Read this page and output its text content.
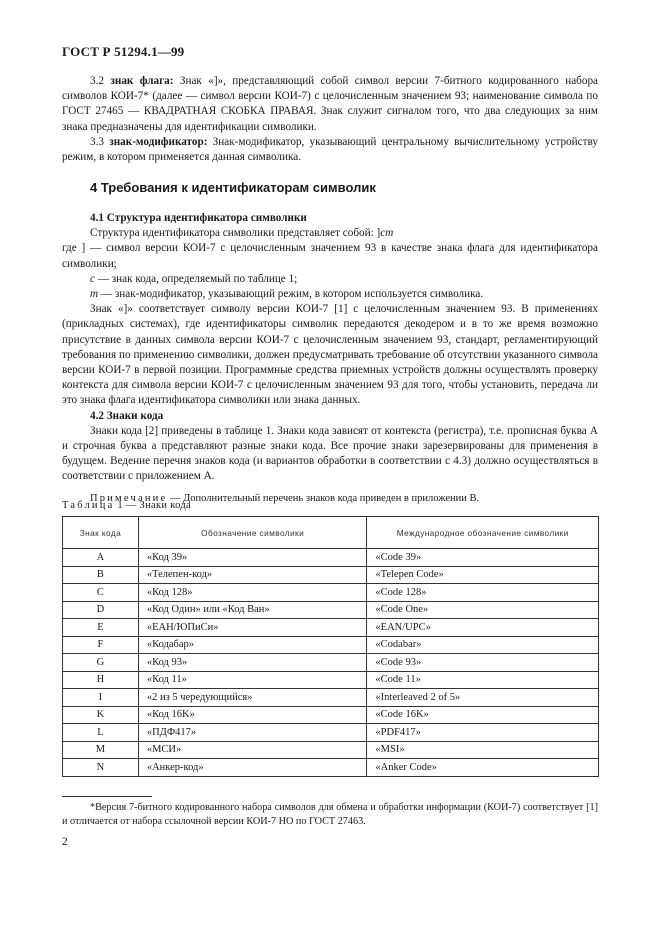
ГОСТ Р 51294.1—99

3.2 знак флага: Знак «]», представляющий собой символ версии 7-битного кодированного набора символов КОИ-7* (далее — символ версии КОИ-7) с целочисленным значением 93; наименование символа по ГОСТ 27465 — КВАДРАТНАЯ СКОБКА ПРАВАЯ. Знак служит сигналом того, что два следующих за ним знака предназначены для идентификации символики.

3.3 знак-модификатор: Знак-модификатор, указывающий центральному вычислительному устройству режим, в котором применяется данная символика.

4 Требования к идентификаторам символик

4.1 Структура идентификатора символики

Структура идентификатора символики представляет собой: ]cm

где ] — символ версии КОИ-7 с целочисленным значением 93 в качестве знака флага для идентификатора символики;

c — знак кода, определяемый по таблице 1;

m — знак-модификатор, указывающий режим, в котором используется символика.

Знак «]» соответствует символу версии КОИ-7 [1] с целочисленным значением 93. В применениях (прикладных системах), где идентификаторы символик передаются декодером и в то же время возможно присутствие в данных символа версии КОИ-7 с целочисленным значением 93, стандарт, регламентирующий требования по применению символики, должен предусматривать требование об отсутствии указанного символа версии КОИ-7 в первой позиции. Программные средства приемных устройств должны осуществлять проверку контекста для символа версии КОИ-7 с целочисленным значением 93 для того, чтобы установить, передача ли это знака флага идентификатора символики или знака данных.

4.2 Знаки кода

Знаки кода [2] приведены в таблице 1. Знаки кода зависят от контекста (регистра), т.е. прописная буква А и строчная буква а представляют разные знаки кода. Все прочие знаки зарезервированы для применения в будущем. Ведение перечня знаков кода (и вариантов обработки в соответствии с 4.3) должно осуществляться в соответствии с приложением А.

Примечание — Дополнительный перечень знаков кода приведен в приложении В.

Таблица 1 — Знаки кода
Знак кода	Обозначение символики	Международное обозначение символики
A	«Код 39»	«Code 39»
B	«Телепен-код»	«Telepen Code»
C	«Код 128»	«Code 128»
D	«Код Один» или «Код Ван»	«Code One»
E	«ЕАН/ЮПиСи»	«EAN/UPC»
F	«Кодабар»	«Codabar»
G	«Код 93»	«Code 93»
H	«Код 11»	«Code 11»
I	«2 из 5 чередующийся»	«Interleaved 2 of 5»
K	«Код 16K»	«Code 16K»
L	«ПДФ417»	«PDF417»
M	«МСИ»	«MSI»
N	«Анкер-код»	«Anker Code»

*Версия 7-битного кодированного набора символов для обмена и обработки информации (КОИ-7) соответствует [1] и отличается от набора ссылочной версии КОИ-7 НО по ГОСТ 27463.

2
